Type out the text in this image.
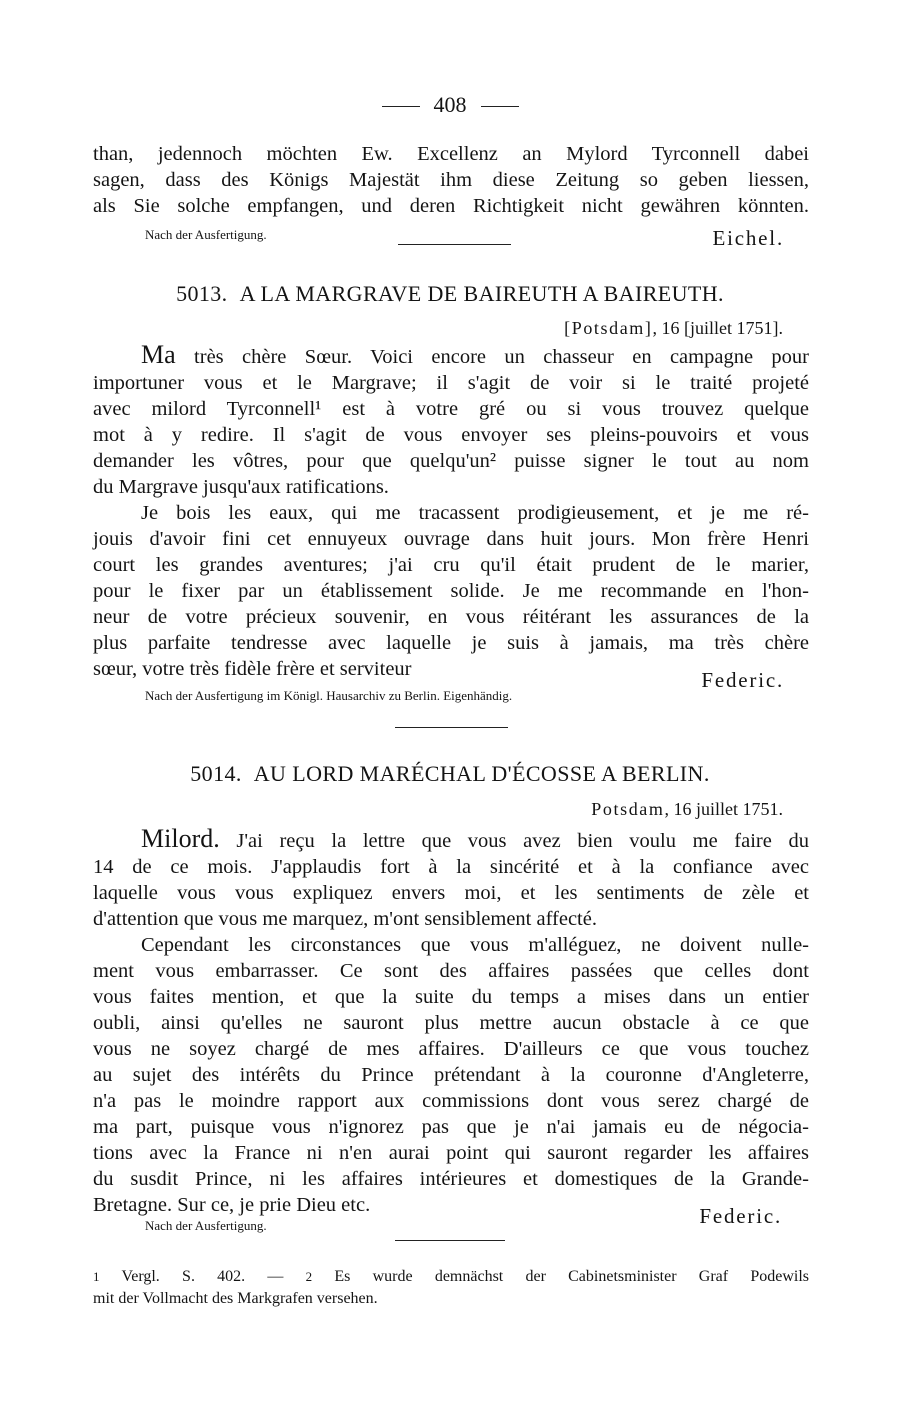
408
than, jedennoch möchten Ew. Excellenz an Mylord Tyrconnell dabei
sagen, dass des Königs Majestät ihm diese Zeitung so geben liessen,
als Sie solche empfangen, und deren Richtigkeit nicht gewähren könnten.
Nach der Ausfertigung.	Eichel.
5013. A LA MARGRAVE DE BAIREUTH A BAIREUTH.
[Potsdam], 16 [juillet 1751].
Ma très chère Sœur. Voici encore un chasseur en campagne pour
importuner vous et le Margrave; il s'agit de voir si le traité projeté
avec milord Tyrconnell¹ est à votre gré ou si vous trouvez quelque
mot à y redire. Il s'agit de vous envoyer ses pleins-pouvoirs et vous
demander les vôtres, pour que quelqu'un² puisse signer le tout au nom
du Margrave jusqu'aux ratifications.
Je bois les eaux, qui me tracassent prodigieusement, et je me ré-
jouis d'avoir fini cet ennuyeux ouvrage dans huit jours. Mon frère Henri
court les grandes aventures; j'ai cru qu'il était prudent de le marier,
pour le fixer par un établissement solide. Je me recommande en l'hon-
neur de votre précieux souvenir, en vous réitérant les assurances de la
plus parfaite tendresse avec laquelle je suis à jamais, ma très chère
sœur, votre très fidèle frère et serviteur	Federic.
Nach der Ausfertigung im Königl. Hausarchiv zu Berlin. Eigenhändig.
5014. AU LORD MARÉCHAL D'ÉCOSSE A BERLIN.
Potsdam, 16 juillet 1751.
Milord. J'ai reçu la lettre que vous avez bien voulu me faire du
14 de ce mois. J'applaudis fort à la sincérité et à la confiance avec
laquelle vous vous expliquez envers moi, et les sentiments de zèle et
d'attention que vous me marquez, m'ont sensiblement affecté.
Cependant les circonstances que vous m'alléguez, ne doivent nulle-
ment vous embarrasser. Ce sont des affaires passées que celles dont
vous faites mention, et que la suite du temps a mises dans un entier
oubli, ainsi qu'elles ne sauront plus mettre aucun obstacle à ce que
vous ne soyez chargé de mes affaires. D'ailleurs ce que vous touchez
au sujet des intérêts du Prince prétendant à la couronne d'Angleterre,
n'a pas le moindre rapport aux commissions dont vous serez chargé de
ma part, puisque vous n'ignorez pas que je n'ai jamais eu de négocia-
tions avec la France ni n'en aurai point qui sauront regarder les affaires
du susdit Prince, ni les affaires intérieures et domestiques de la Grande-
Bretagne. Sur ce, je prie Dieu etc.	Federic.
Nach der Ausfertigung.
1 Vergl. S. 402. — 2 Es wurde demnächst der Cabinetsminister Graf Podewils
mit der Vollmacht des Markgrafen versehen.
